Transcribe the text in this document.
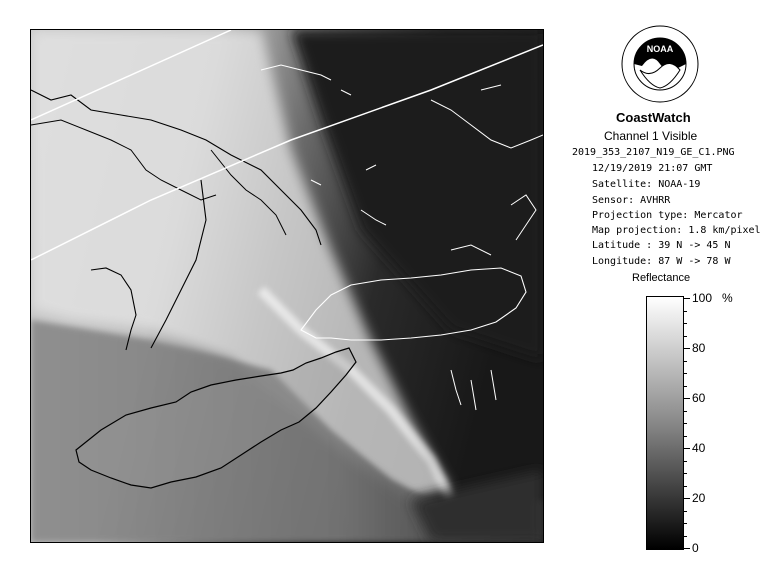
NOAA
CoastWatch
Channel 1 Visible
2019_353_2107_N19_GE_C1.PNG
12/19/2019 21:07 GMT
Satellite: NOAA-19
Sensor: AVHRR
Projection type: Mercator
Map projection: 1.8 km/pixel
Latitude : 39 N -> 45 N
Longitude: 87 W -> 78 W
Reflectance
%
100
80
60
40
20
0
